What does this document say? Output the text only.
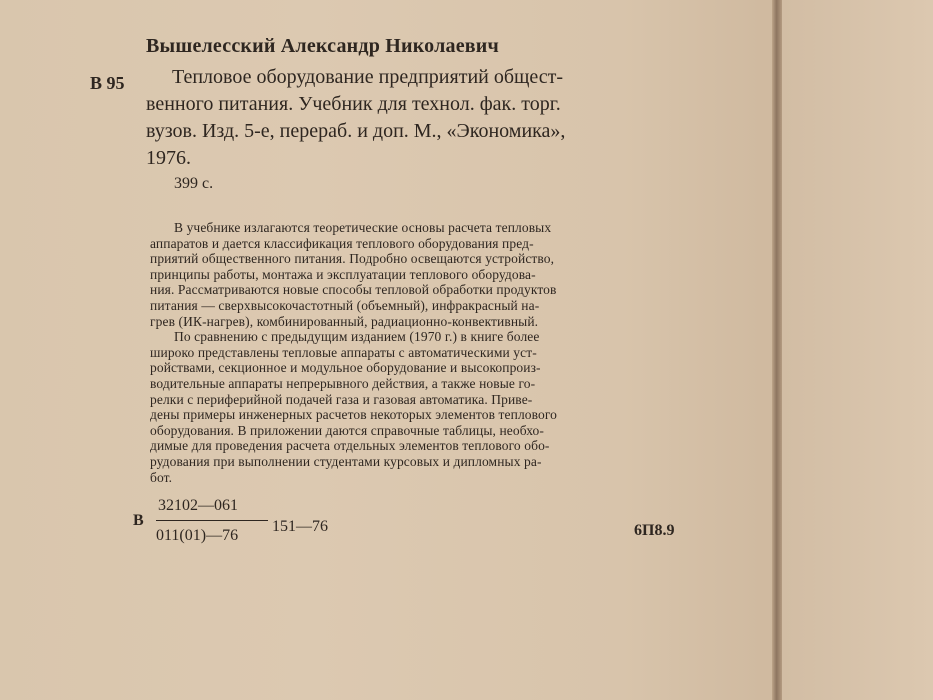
Вышелесский Александр Николаевич
В 95	Тепловое оборудование предприятий общест-
венного питания. Учебник для технол. фак. торг.
вузов. Изд. 5-е, перераб. и доп. М., «Экономика»,
1976.
399 с.
В учебнике излагаются теоретические основы расчета тепловых
аппаратов и дается классификация теплового оборудования пред-
приятий общественного питания. Подробно освещаются устройство,
принципы работы, монтажа и эксплуатации теплового оборудова-
ния. Рассматриваются новые способы тепловой обработки продуктов
питания — сверхвысокочастотный (объемный), инфракрасный на-
грев (ИК-нагрев), комбинированный, радиационно-конвективный.
По сравнению с предыдущим изданием (1970 г.) в книге более
широко представлены тепловые аппараты с автоматическими уст-
ройствами, секционное и модульное оборудование и высокопроиз-
водительные аппараты непрерывного действия, а также новые го-
релки с периферийной подачей газа и газовая автоматика. Приве-
дены примеры инженерных расчетов некоторых элементов теплового
оборудования. В приложении даются справочные таблицы, необхо-
димые для проведения расчета отдельных элементов теплового обо-
рудования при выполнении студентами курсовых и дипломных ра-
бот.
В
32102—061
011(01)—76
151—76	6П8.9
